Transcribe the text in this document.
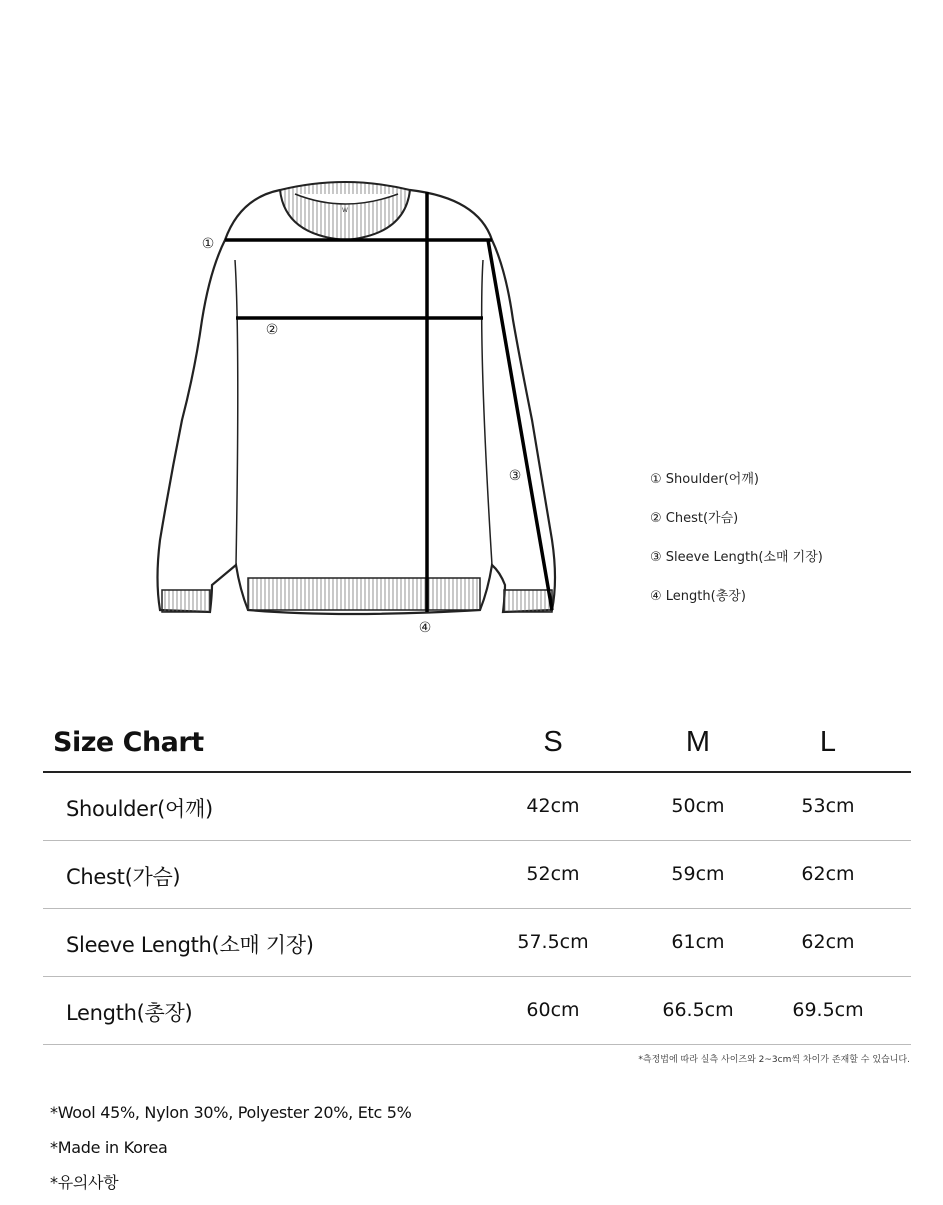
W
①
②
③
④
① Shoulder(어깨)
② Chest(가슴)
③ Sleeve Length(소매 기장)
④ Length(총장)
Size Chart	S	M	L
Shoulder(어깨)	42cm	50cm	53cm
Chest(가슴)	52cm	59cm	62cm
Sleeve Length(소매 기장)	57.5cm	61cm	62cm
Length(총장)	60cm	66.5cm	69.5cm
*측정법에 따라 실측 사이즈와 2~3cm씩 차이가 존재할 수 있습니다.
*Wool 45%, Nylon 30%, Polyester 20%, Etc 5%
*Made in Korea
*유의사항
